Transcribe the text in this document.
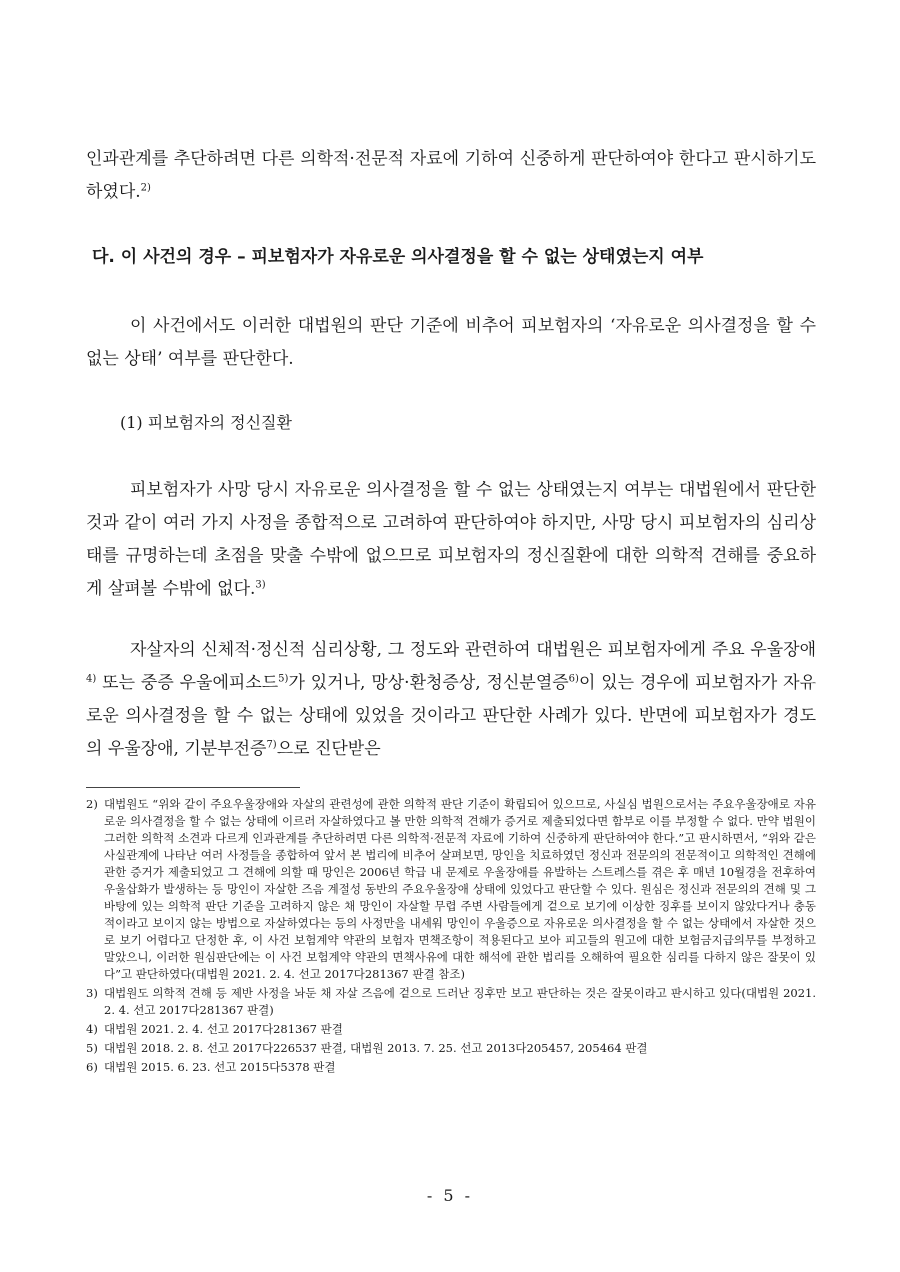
인과관계를 추단하려면 다른 의학적·전문적 자료에 기하여 신중하게 판단하여야 한다고 판시하기도 하였다.$^{2)}$

다. 이 사건의 경우 – 피보험자가 자유로운 의사결정을 할 수 없는 상태였는지 여부

이 사건에서도 이러한 대법원의 판단 기준에 비추어 피보험자의 ‘자유로운 의사결정을 할 수 없는 상태’ 여부를 판단한다.

(1) 피보험자의 정신질환

피보험자가 사망 당시 자유로운 의사결정을 할 수 없는 상태였는지 여부는 대법원에서 판단한 것과 같이 여러 가지 사정을 종합적으로 고려하여 판단하여야 하지만, 사망 당시 피보험자의 심리상태를 규명하는데 초점을 맞출 수밖에 없으므로 피보험자의 정신질환에 대한 의학적 견해를 중요하게 살펴볼 수밖에 없다.$^{3)}$

자살자의 신체적·정신적 심리상황, 그 정도와 관련하여 대법원은 피보험자에게 주요 우울장애$^{4)}$ 또는 중증 우울에피소드$^{5)}$가 있거나, 망상·환청증상, 정신분열증$^{6)}$이 있는 경우에 피보험자가 자유로운 의사결정을 할 수 없는 상태에 있었을 것이라고 판단한 사례가 있다. 반면에 피보험자가 경도의 우울장애, 기분부전증$^{7)}$으로 진단받은

2) 대법원도 “위와 같이 주요우울장애와 자살의 관련성에 관한 의학적 판단 기준이 확립되어 있으므로, 사실심 법원으로서는 주요우울장애로 자유로운 의사결정을 할 수 없는 상태에 이르러 자살하였다고 볼 만한 의학적 견해가 증거로 제출되었다면 함부로 이를 부정할 수 없다. 만약 법원이 그러한 의학적 소견과 다르게 인과관계를 추단하려면 다른 의학적·전문적 자료에 기하여 신중하게 판단하여야 한다.”고 판시하면서, “위와 같은 사실관계에 나타난 여러 사정들을 종합하여 앞서 본 법리에 비추어 살펴보면, 망인을 치료하였던 정신과 전문의의 전문적이고 의학적인 견해에 관한 증거가 제출되었고 그 견해에 의할 때 망인은 2006년 학급 내 문제로 우울장애를 유발하는 스트레스를 겪은 후 매년 10월경을 전후하여 우울삽화가 발생하는 등 망인이 자살한 즈음 계절성 동반의 주요우울장애 상태에 있었다고 판단할 수 있다. 원심은 정신과 전문의의 견해 및 그 바탕에 있는 의학적 판단 기준을 고려하지 않은 채 망인이 자살할 무렵 주변 사람들에게 겉으로 보기에 이상한 징후를 보이지 않았다거나 충동적이라고 보이지 않는 방법으로 자살하였다는 등의 사정만을 내세워 망인이 우울증으로 자유로운 의사결정을 할 수 없는 상태에서 자살한 것으로 보기 어렵다고 단정한 후, 이 사건 보험계약 약관의 보험자 면책조항이 적용된다고 보아 피고들의 원고에 대한 보험금지급의무를 부정하고 말았으니, 이러한 원심판단에는 이 사건 보험계약 약관의 면책사유에 대한 해석에 관한 법리를 오해하여 필요한 심리를 다하지 않은 잘못이 있다”고 판단하였다(대법원 2021. 2. 4. 선고 2017다281367 판결 참조)
3) 대법원도 의학적 견해 등 제반 사정을 놔둔 채 자살 즈음에 겉으로 드러난 징후만 보고 판단하는 것은 잘못이라고 판시하고 있다(대법원 2021. 2. 4. 선고 2017다281367 판결)
4) 대법원 2021. 2. 4. 선고 2017다281367 판결
5) 대법원 2018. 2. 8. 선고 2017다226537 판결, 대법원 2013. 7. 25. 선고 2013다205457, 205464 판결
6) 대법원 2015. 6. 23. 선고 2015다5378 판결
- 5 -
